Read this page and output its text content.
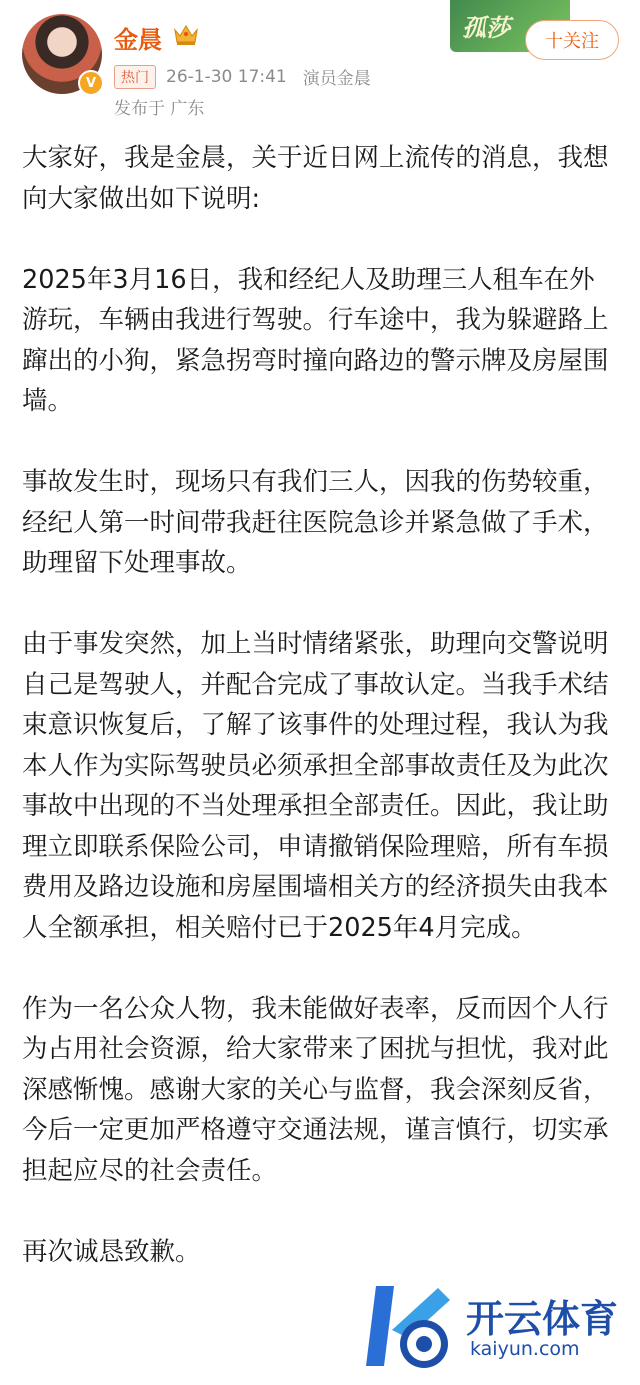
V
金晨
热门	26-1-30 17:41 演员金晨
发布于 广东
孤莎	十关注

大家好，我是金晨，关于近日网上流传的消息，我想向大家做出如下说明:

2025年3月16日，我和经纪人及助理三人租车在外游玩，车辆由我进行驾驶。行车途中，我为躲避路上蹿出的小狗，紧急拐弯时撞向路边的警示牌及房屋围墙。

事故发生时，现场只有我们三人，因我的伤势较重，经纪人第一时间带我赶往医院急诊并紧急做了手术，助理留下处理事故。

由于事发突然，加上当时情绪紧张，助理向交警说明自己是驾驶人，并配合完成了事故认定。当我手术结束意识恢复后，了解了该事件的处理过程，我认为我本人作为实际驾驶员必须承担全部事故责任及为此次事故中出现的不当处理承担全部责任。因此，我让助理立即联系保险公司，申请撤销保险理赔，所有车损费用及路边设施和房屋围墙相关方的经济损失由我本人全额承担，相关赔付已于2025年4月完成。

作为一名公众人物，我未能做好表率，反而因个人行为占用社会资源，给大家带来了困扰与担忧，我对此深感惭愧。感谢大家的关心与监督，我会深刻反省，今后一定更加严格遵守交通法规，谨言慎行，切实承担起应尽的社会责任。

再次诚恳致歉。

开云体育
kaiyun.com
